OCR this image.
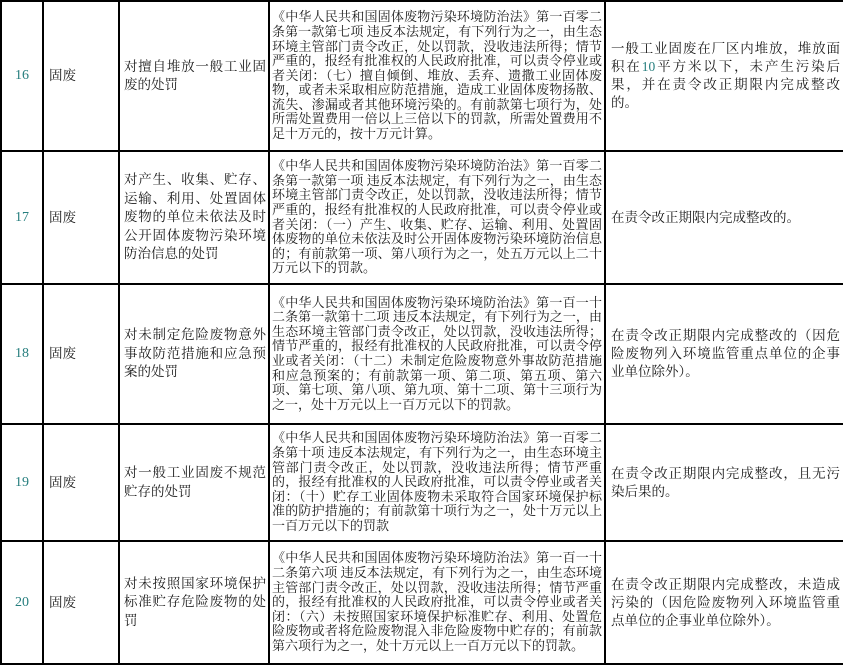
16	固废	对擅自堆放一般工业固废的处罚	《中华人民共和国固体废物污染环境防治法》第一百零二条第一款第七项 违反本法规定，有下列行为之一，由生态环境主管部门责令改正，处以罚款，没收违法所得；情节严重的，报经有批准权的人民政府批准，可以责令停业或者关闭：（七）擅自倾倒、堆放、丢弃、遗撒工业固体废物，或者未采取相应防范措施，造成工业固体废物扬散、流失、渗漏或者其他环境污染的。有前款第七项行为，处所需处置费用一倍以上三倍以下的罚款，所需处置费用不足十万元的，按十万元计算。	一般工业固废在厂区内堆放，堆放面积在10平方米以下，未产生污染后果，并在责令改正期限内完成整改的。
17	固废	对产生、收集、贮存、运输、利用、处置固体废物的单位未依法及时公开固体废物污染环境防治信息的处罚	《中华人民共和国固体废物污染环境防治法》第一百零二条第一款第一项 违反本法规定，有下列行为之一，由生态环境主管部门责令改正，处以罚款，没收违法所得；情节严重的，报经有批准权的人民政府批准，可以责令停业或者关闭：（一）产生、收集、贮存、运输、利用、处置固体废物的单位未依法及时公开固体废物污染环境防治信息的；有前款第一项、第八项行为之一，处五万元以上二十万元以下的罚款。	在责令改正期限内完成整改的。
18	固废	对未制定危险废物意外事故防范措施和应急预案的处罚	《中华人民共和国固体废物污染环境防治法》第一百一十二条第一款第十二项 违反本法规定，有下列行为之一，由生态环境主管部门责令改正，处以罚款，没收违法所得；情节严重的，报经有批准权的人民政府批准，可以责令停业或者关闭：（十二）未制定危险废物意外事故防范措施和应急预案的；有前款第一项、第二项、第五项、第六项、第七项、第八项、第九项、第十二项、第十三项行为之一，处十万元以上一百万元以下的罚款。	在责令改正期限内完成整改的（因危险废物列入环境监管重点单位的企事业单位除外）。
19	固废	对一般工业固废不规范贮存的处罚	《中华人民共和国固体废物污染环境防治法》第一百零二条第十项 违反本法规定，有下列行为之一，由生态环境主管部门责令改正，处以罚款，没收违法所得；情节严重的，报经有批准权的人民政府批准，可以责令停业或者关闭：（十）贮存工业固体废物未采取符合国家环境保护标准的防护措施的；有前款第十项行为之一，处十万元以上一百万元以下的罚款	在责令改正期限内完成整改，且无污染后果的。
20	固废	对未按照国家环境保护标准贮存危险废物的处罚	《中华人民共和国固体废物污染环境防治法》第一百一十二条第六项 违反本法规定，有下列行为之一，由生态环境主管部门责令改正，处以罚款，没收违法所得；情节严重的，报经有批准权的人民政府批准，可以责令停业或者关闭：（六）未按照国家环境保护标准贮存、利用、处置危险废物或者将危险废物混入非危险废物中贮存的；有前款第六项行为之一，处十万元以上一百万元以下的罚款。	在责令改正期限内完成整改，未造成污染的（因危险废物列入环境监管重点单位的企事业单位除外）。
